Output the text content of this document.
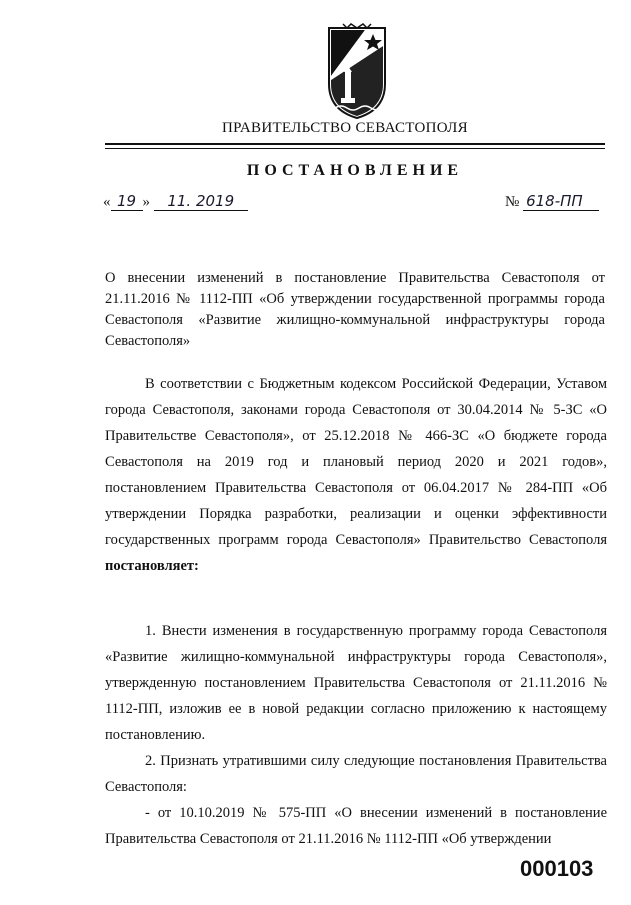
ПРАВИТЕЛЬСТВО СЕВАСТОПОЛЯ
ПОСТАНОВЛЕНИЕ
« 19 » 11. 2019	№ 618-ПП
О внесении изменений в постановление Правительства Севастополя от 21.11.2016 № 1112-ПП «Об утверждении государственной программы города Севастополя «Развитие жилищно-коммунальной инфраструктуры города Севастополя»
В соответствии с Бюджетным кодексом Российской Федерации, Уставом города Севастополя, законами города Севастополя от 30.04.2014 № 5-ЗС «О Правительстве Севастополя», от 25.12.2018 № 466-ЗС «О бюджете города Севастополя на 2019 год и плановый период 2020 и 2021 годов», постановлением Правительства Севастополя от 06.04.2017 № 284-ПП «Об утверждении Порядка разработки, реализации и оценки эффективности государственных программ города Севастополя» Правительство Севастополя постановляет:
1. Внести изменения в государственную программу города Севастополя «Развитие жилищно-коммунальной инфраструктуры города Севастополя», утвержденную постановлением Правительства Севастополя от 21.11.2016 № 1112-ПП, изложив ее в новой редакции согласно приложению к настоящему постановлению.
2. Признать утратившими силу следующие постановления Правительства Севастополя:
- от 10.10.2019 № 575-ПП «О внесении изменений в постановление Правительства Севастополя от 21.11.2016 № 1112-ПП «Об утверждении
000103
